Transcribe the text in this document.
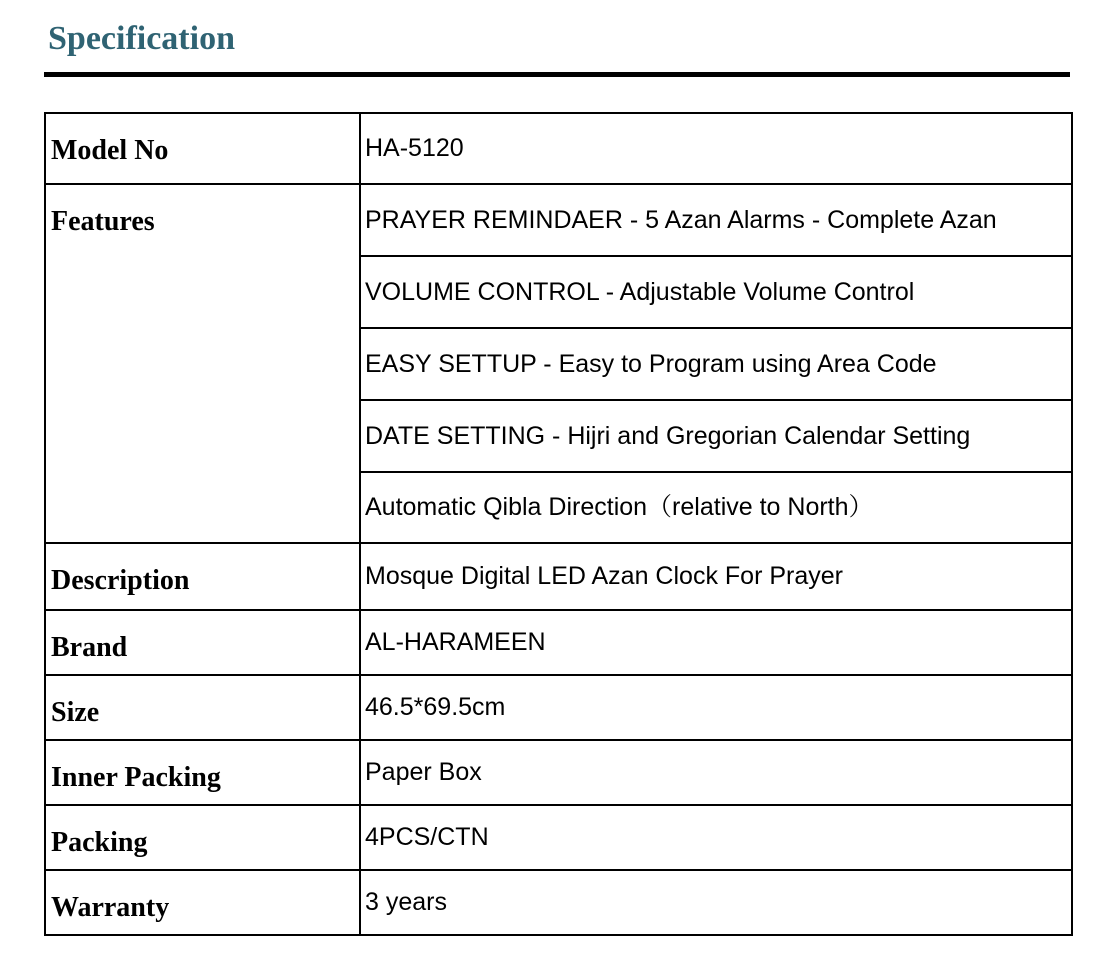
Specification
Model No	HA-5120

Features	PRAYER REMINDAER - 5 Azan Alarms - Complete Azan
	VOLUME CONTROL - Adjustable Volume Control
	EASY SETTUP - Easy to Program using Area Code
	DATE SETTING - Hijri and Gregorian Calendar Setting
	Automatic Qibla Direction（relative to North）

Description	Mosque Digital LED Azan Clock For Prayer

Brand	AL-HARAMEEN

Size	46.5*69.5cm

Inner Packing	Paper Box

Packing	4PCS/CTN

Warranty	3 years
